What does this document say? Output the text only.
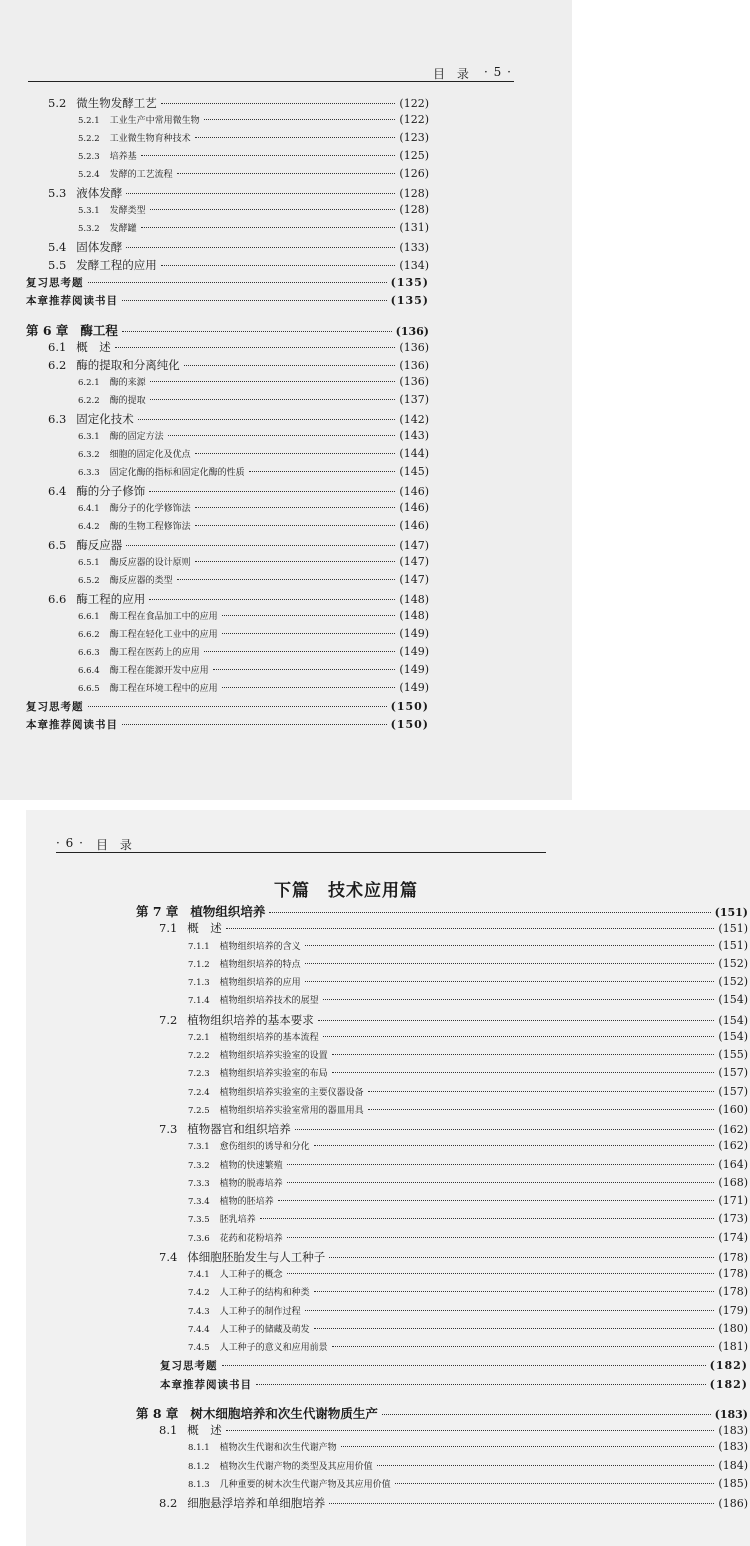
目 录 · 5 ·
5.2 微生物发酵工艺	(122)
5.2.1	工业生产中常用微生物	(122)
5.2.2	工业微生物育种技术	(123)
5.2.3	培养基	(125)
5.2.4	发酵的工艺流程	(126)
5.3 液体发酵	(128)
5.3.1	发酵类型	(128)
5.3.2	发酵罐	(131)
5.4 固体发酵	(133)
5.5 发酵工程的应用	(134)
复习思考题	(135)
本章推荐阅读书目	(135)
第 6 章 酶工程	(136)
6.1 概　述	(136)
6.2 酶的提取和分离纯化	(136)
6.2.1	酶的来源	(136)
6.2.2	酶的提取	(137)
6.3 固定化技术	(142)
6.3.1	酶的固定方法	(143)
6.3.2	细胞的固定化及优点	(144)
6.3.3	固定化酶的指标和固定化酶的性质	(145)
6.4 酶的分子修饰	(146)
6.4.1	酶分子的化学修饰法	(146)
6.4.2	酶的生物工程修饰法	(146)
6.5 酶反应器	(147)
6.5.1	酶反应器的设计原则	(147)
6.5.2	酶反应器的类型	(147)
6.6 酶工程的应用	(148)
6.6.1	酶工程在食品加工中的应用	(148)
6.6.2	酶工程在轻化工业中的应用	(149)
6.6.3	酶工程在医药上的应用	(149)
6.6.4	酶工程在能源开发中应用	(149)
6.6.5	酶工程在环境工程中的应用	(149)
复习思考题	(150)
本章推荐阅读书目	(150)
· 6 · 目 录
下篇　技术应用篇
第 7 章 植物组织培养	(151)
7.1 概　述	(151)
7.1.1	植物组织培养的含义	(151)
7.1.2	植物组织培养的特点	(152)
7.1.3	植物组织培养的应用	(152)
7.1.4	植物组织培养技术的展望	(154)
7.2 植物组织培养的基本要求	(154)
7.2.1	植物组织培养的基本流程	(154)
7.2.2	植物组织培养实验室的设置	(155)
7.2.3	植物组织培养实验室的布局	(157)
7.2.4	植物组织培养实验室的主要仪器设备	(157)
7.2.5	植物组织培养实验室常用的器皿用具	(160)
7.3 植物器官和组织培养	(162)
7.3.1	愈伤组织的诱导和分化	(162)
7.3.2	植物的快速繁殖	(164)
7.3.3	植物的脱毒培养	(168)
7.3.4	植物的胚培养	(171)
7.3.5	胚乳培养	(173)
7.3.6	花药和花粉培养	(174)
7.4 体细胞胚胎发生与人工种子	(178)
7.4.1	人工种子的概念	(178)
7.4.2	人工种子的结构和种类	(178)
7.4.3	人工种子的制作过程	(179)
7.4.4	人工种子的储藏及萌发	(180)
7.4.5	人工种子的意义和应用前景	(181)
复习思考题	(182)
本章推荐阅读书目	(182)
第 8 章 树木细胞培养和次生代谢物质生产	(183)
8.1 概　述	(183)
8.1.1	植物次生代谢和次生代谢产物	(183)
8.1.2	植物次生代谢产物的类型及其应用价值	(184)
8.1.3	几种重要的树木次生代谢产物及其应用价值	(185)
8.2 细胞悬浮培养和单细胞培养	(186)
